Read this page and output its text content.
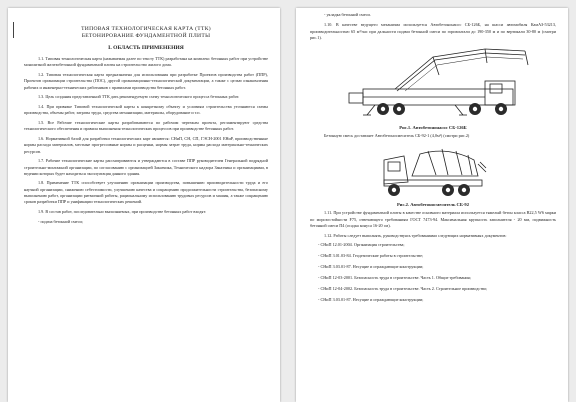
ТИПОВАЯ ТЕХНОЛОГИЧЕСКАЯ КАРТА (ТТК)

БЕТОНИРОВАНИЕ ФУНДАМЕНТНОЙ ПЛИТЫ

I. ОБЛАСТЬ ПРИМЕНЕНИЯ

1.1. Типовая технологическая карта (называемая далее по тексту ТТК) разработана на комплекс бетонных работ при устройстве монолитной железобетонной фундаментной плиты на строительство жилого дома.

1.2. Типовая технологическая карта предназначена для использования при разработке Проектов производства работ (ППР), Проектов организации строительства (ПОС), другой организационно-технологической документации, а также с целью ознакомления рабочих и инженерно-технических работников с правилами производства бетонных работ.

1.3. Цель создания представленной ТТК дать рекомендуемую схему технологического процесса бетонных работ.

1.4. При привязке Типовой технологической карты к конкретному объекту и условиям строительства уточняются схемы производства, объемы работ, затраты труда, средства механизации, материалы, оборудование и т.п.

1.5. Все Рабочие технологические карты разрабатываются по рабочим чертежам проекта, регламентируют средства технологического обеспечения и правила выполнения технологических процессов при производстве бетонных работ.

1.6. Нормативной базой для разработки технологических карт являются: СНиП, СН, СП, ГЭСН-2001 ЕНиР, производственные нормы расхода материалов, местные прогрессивные нормы и расценки, нормы затрат труда, нормы расхода материально-технических ресурсов.

1.7. Рабочие технологические карты рассматриваются и утверждаются в составе ППР руководителем Генеральной подрядной строительно-монтажной организации, по согласованию с организацией Заказчика, Технического надзора Заказчика и организациями, в ведении которых будет находиться эксплуатация данного здания.

1.8. Применение ТТК способствует улучшению организации производства, повышению производительности труда и его научной организации, снижению себестоимости, улучшению качества и сокращению продолжительности строительства, безопасному выполнению работ, организации ритмичной работы, рациональному использованию трудовых ресурсов и машин, а также сокращению сроков разработки ППР и унификации технологических решений.

1.9. В состав работ, последовательно выполняемых, при производстве бетонных работ входят:

- подача бетонной смеси;

- укладка бетонной смеси.

1.10. В качестве ведущего механизма используется Автобетононасос СБ-126Б, на шасси автомобиля КамАЗ-53213, производительностью 65 м³/час при дальности подачи бетонной смеси по горизонтали до 190-350 м и по вертикали 30-80 м (смотри рис.1).

Рис.1. Автобетононасос СБ-126Б

Бетонную смесь доставляет Автобетоносмеситель СБ-92-1 (4,0м³) (смотри рис.2)

Рис.2. Автобетоносмеситель СБ-92

1.11. При устройстве фундаментной плиты в качестве основного материала используется тяжелый бетон класса В22,5 W6 марки по морозостойкости F75, отвечающего требованиям ГОСТ 7473-94. Максимальная крупность заполнителя - 20 мм, подвижность бетонной смеси П4 (осадка конуса 16-20 см).

1.12. Работы следует выполнять, руководствуясь требованиями следующих нормативных документов:

- СНиП 12.01-2004. Организация строительства;

- СНиП 3.01.03-84. Геодезические работы в строительстве;

- СНиП 3.03.01-87. Несущие и ограждающие конструкции;

- СНиП 12-03-2001. Безопасность труда в строительстве. Часть 1. Общие требования;

- СНиП 12-04-2002. Безопасность труда в строительстве. Часть 2. Строительное производство;

- СНиП 3.03.01-87. Несущие и ограждающие конструкции;
